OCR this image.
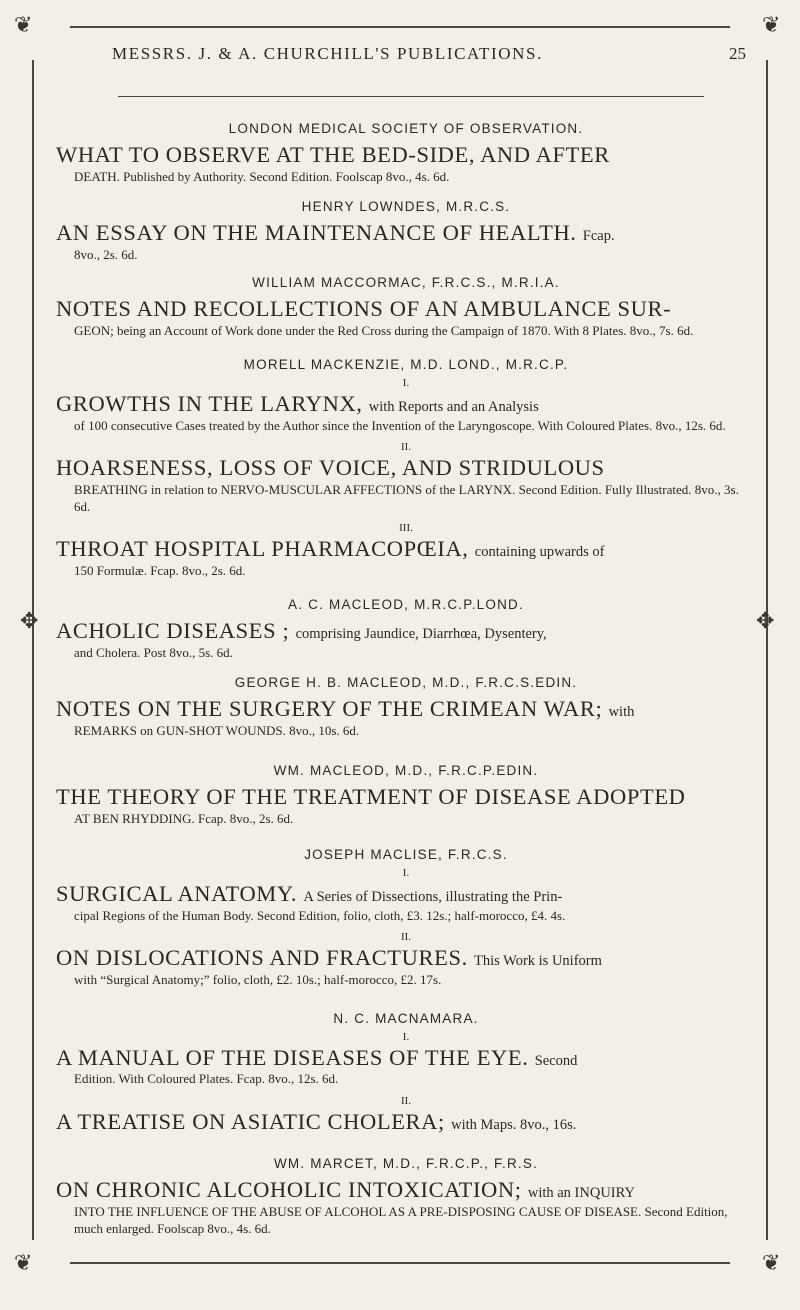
❦	❦
❦	❦
✥	✥
MESSRS. J. & A. CHURCHILL'S PUBLICATIONS.	25

LONDON MEDICAL SOCIETY OF OBSERVATION.

WHAT TO OBSERVE AT THE BED-SIDE, AND AFTER

DEATH. Published by Authority. Second Edition. Foolscap 8vo., 4s. 6d.

HENRY LOWNDES, M.R.C.S.

AN ESSAY ON THE MAINTENANCE OF HEALTH. Fcap.

8vo., 2s. 6d.

WILLIAM MACCORMAC, F.R.C.S., M.R.I.A.

NOTES AND RECOLLECTIONS OF AN AMBULANCE SUR-

GEON; being an Account of Work done under the Red Cross during the Campaign of 1870. With 8 Plates. 8vo., 7s. 6d.

MORELL MACKENZIE, M.D. LOND., M.R.C.P.

I.

GROWTHS IN THE LARYNX, with Reports and an Analysis

of 100 consecutive Cases treated by the Author since the Invention of the Laryngoscope. With Coloured Plates. 8vo., 12s. 6d.

II.

HOARSENESS, LOSS OF VOICE, AND STRIDULOUS

BREATHING in relation to NERVO-MUSCULAR AFFECTIONS of the LARYNX. Second Edition. Fully Illustrated. 8vo., 3s. 6d.

III.

THROAT HOSPITAL PHARMACOPŒIA, containing upwards of

150 Formulæ. Fcap. 8vo., 2s. 6d.

A. C. MACLEOD, M.R.C.P.LOND.

ACHOLIC DISEASES ; comprising Jaundice, Diarrhœa, Dysentery,

and Cholera. Post 8vo., 5s. 6d.

GEORGE H. B. MACLEOD, M.D., F.R.C.S.EDIN.

NOTES ON THE SURGERY OF THE CRIMEAN WAR; with

REMARKS on GUN-SHOT WOUNDS. 8vo., 10s. 6d.

WM. MACLEOD, M.D., F.R.C.P.EDIN.

THE THEORY OF THE TREATMENT OF DISEASE ADOPTED

AT BEN RHYDDING. Fcap. 8vo., 2s. 6d.

JOSEPH MACLISE, F.R.C.S.

I.

SURGICAL ANATOMY. A Series of Dissections, illustrating the Prin-

cipal Regions of the Human Body. Second Edition, folio, cloth, £3. 12s.; half-morocco, £4. 4s.

II.

ON DISLOCATIONS AND FRACTURES. This Work is Uniform

with “Surgical Anatomy;” folio, cloth, £2. 10s.; half-morocco, £2. 17s.

N. C. MACNAMARA.

I.

A MANUAL OF THE DISEASES OF THE EYE. Second

Edition. With Coloured Plates. Fcap. 8vo., 12s. 6d.

II.

A TREATISE ON ASIATIC CHOLERA; with Maps. 8vo., 16s.

WM. MARCET, M.D., F.R.C.P., F.R.S.

ON CHRONIC ALCOHOLIC INTOXICATION; with an INQUIRY

INTO THE INFLUENCE OF THE ABUSE OF ALCOHOL AS A PRE-DISPOSING CAUSE OF DISEASE. Second Edition, much enlarged. Foolscap 8vo., 4s. 6d.
